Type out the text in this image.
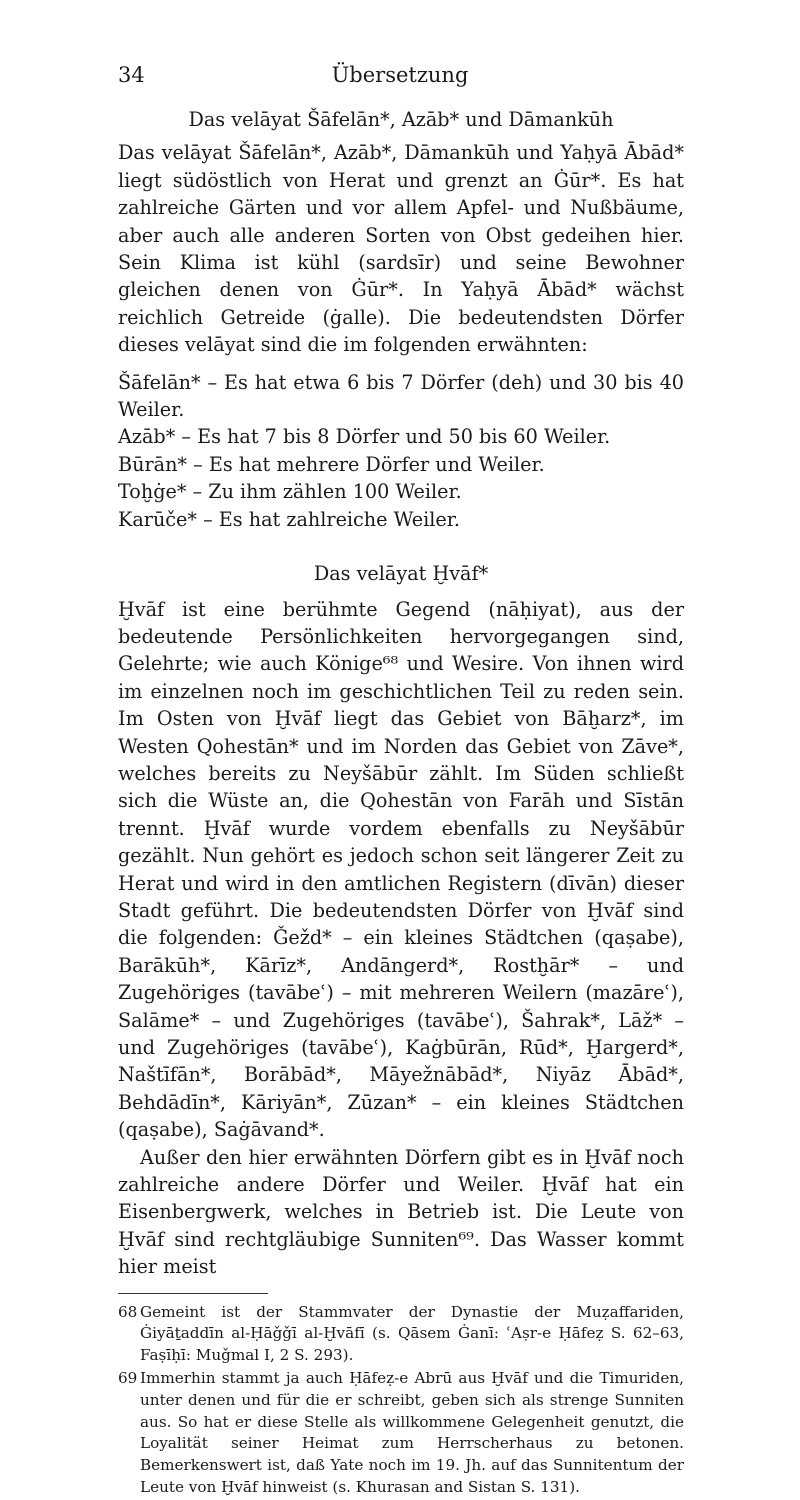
34	Übersetzung
Das velāyat Šāfelān*, Azāb* und Dāmankūh

Das velāyat Šāfelān*, Azāb*, Dāmankūh und Yaḥyā Ābād* liegt südöstlich von Herat und grenzt an Ġūr*. Es hat zahlreiche Gärten und vor allem Apfel- und Nußbäume, aber auch alle anderen Sorten von Obst gedeihen hier. Sein Klima ist kühl (sardsīr) und seine Bewohner gleichen denen von Ġūr*. In Yaḥyā Ābād* wächst reichlich Getreide (ġalle). Die bedeutendsten Dörfer dieses velāyat sind die im folgenden erwähnten:

Šāfelān* – Es hat etwa 6 bis 7 Dörfer (deh) und 30 bis 40 Weiler.

Azāb* – Es hat 7 bis 8 Dörfer und 50 bis 60 Weiler.

Būrān* – Es hat mehrere Dörfer und Weiler.

Toḫġe* – Zu ihm zählen 100 Weiler.

Karūče* – Es hat zahlreiche Weiler.

Das velāyat Ḫvāf*

Ḫvāf ist eine berühmte Gegend (nāḥiyat), aus der bedeutende Persönlichkeiten hervorgegangen sind, Gelehrte; wie auch Könige⁶⁸ und Wesire. Von ihnen wird im einzelnen noch im geschichtlichen Teil zu reden sein. Im Osten von Ḫvāf liegt das Gebiet von Bāḫarz*, im Westen Qohestān* und im Norden das Gebiet von Zāve*, welches bereits zu Neyšābūr zählt. Im Süden schließt sich die Wüste an, die Qohestān von Farāh und Sīstān trennt. Ḫvāf wurde vordem ebenfalls zu Neyšābūr gezählt. Nun gehört es jedoch schon seit längerer Zeit zu Herat und wird in den amtlichen Registern (dīvān) dieser Stadt geführt. Die bedeutendsten Dörfer von Ḫvāf sind die folgenden: Ǧežd* – ein kleines Städtchen (qaṣabe), Barākūh*, Kārīz*, Andāngerd*, Rostḫār* – und Zugehöriges (tavābeʿ) – mit mehreren Weilern (mazāreʿ), Salāme* – und Zugehöriges (tavābeʿ), Šahrak*, Lāž* – und Zugehöriges (tavābeʿ), Kaġbūrān, Rūd*, Ḫargerd*, Naštīfān*, Borābād*, Māyežnābād*, Niyāz Ābād*, Behdādīn*, Kāriyān*, Zūzan* – ein kleines Städtchen (qaṣabe), Saġāvand*.

Außer den hier erwähnten Dörfern gibt es in Ḫvāf noch zahlreiche andere Dörfer und Weiler. Ḫvāf hat ein Eisenbergwerk, welches in Betrieb ist. Die Leute von Ḫvāf sind rechtgläubige Sunniten⁶⁹. Das Wasser kommt hier meist

68 Gemeint ist der Stammvater der Dynastie der Muẓaffariden, Ġiyāṯaddīn al-Ḥāǧǧī al-Ḫvāfī (s. Qāsem Ġanī: ʿAṣr-e Ḥāfeẓ S. 62–63, Faṣīḥī: Muǧmal I, 2 S. 293).
69 Immerhin stammt ja auch Ḥāfeẓ-e Abrū aus Ḫvāf und die Timuriden, unter denen und für die er schreibt, geben sich als strenge Sunniten aus. So hat er diese Stelle als willkommene Gelegenheit genutzt, die Loyalität seiner Heimat zum Herrscherhaus zu betonen. Bemerkenswert ist, daß Yate noch im 19. Jh. auf das Sunnitentum der Leute von Ḫvāf hinweist (s. Khurasan and Sistan S. 131).
